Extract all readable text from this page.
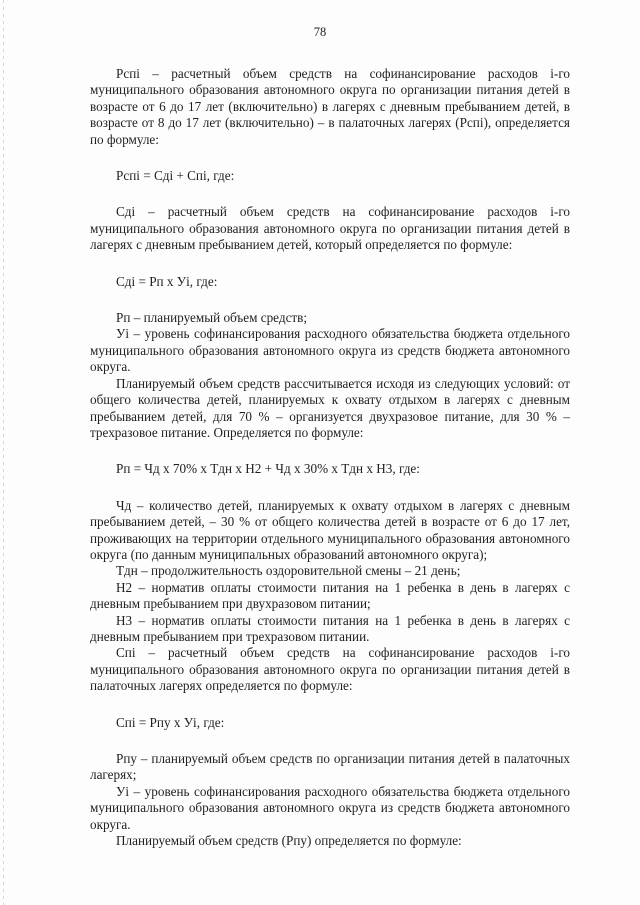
78

Рспі – расчетный объем средств на софинансирование расходов і-го муниципального образования автономного округа по организации питания детей в возрасте от 6 до 17 лет (включительно) в лагерях с дневным пребыванием детей, в возрасте от 8 до 17 лет (включительно) – в палаточных лагерях (Рспі), определяется по формуле:

Рспі = Сді + Спі, где:

Сді – расчетный объем средств на софинансирование расходов і-го муниципального образования автономного округа по организации питания детей в лагерях с дневным пребыванием детей, который определяется по формуле:

Сді = Рп х Уі, где:

Рп – планируемый объем средств;

Уі – уровень софинансирования расходного обязательства бюджета отдельного муниципального образования автономного округа из средств бюджета автономного округа.

Планируемый объем средств рассчитывается исходя из следующих условий: от общего количества детей, планируемых к охвату отдыхом в лагерях с дневным пребыванием детей, для 70 % – организуется двухразовое питание, для 30 % – трехразовое питание. Определяется по формуле:

Рп = Чд х 70% х Тдн х Н2 + Чд х 30% х Тдн х Н3, где:

Чд – количество детей, планируемых к охвату отдыхом в лагерях с дневным пребыванием детей, – 30 % от общего количества детей в возрасте от 6 до 17 лет, проживающих на территории отдельного муниципального образования автономного округа (по данным муниципальных образований автономного округа);

Тдн – продолжительность оздоровительной смены – 21 день;

Н2 – норматив оплаты стоимости питания на 1 ребенка в день в лагерях с дневным пребыванием при двухразовом питании;

Н3 – норматив оплаты стоимости питания на 1 ребенка в день в лагерях с дневным пребыванием при трехразовом питании.

Спі – расчетный объем средств на софинансирование расходов і-го муниципального образования автономного округа по организации питания детей в палаточных лагерях определяется по формуле:

Спі = Рпу х Уі, где:

Рпу – планируемый объем средств по организации питания детей в палаточных лагерях;

Уі – уровень софинансирования расходного обязательства бюджета отдельного муниципального образования автономного округа из средств бюджета автономного округа.

Планируемый объем средств (Рпу) определяется по формуле:
